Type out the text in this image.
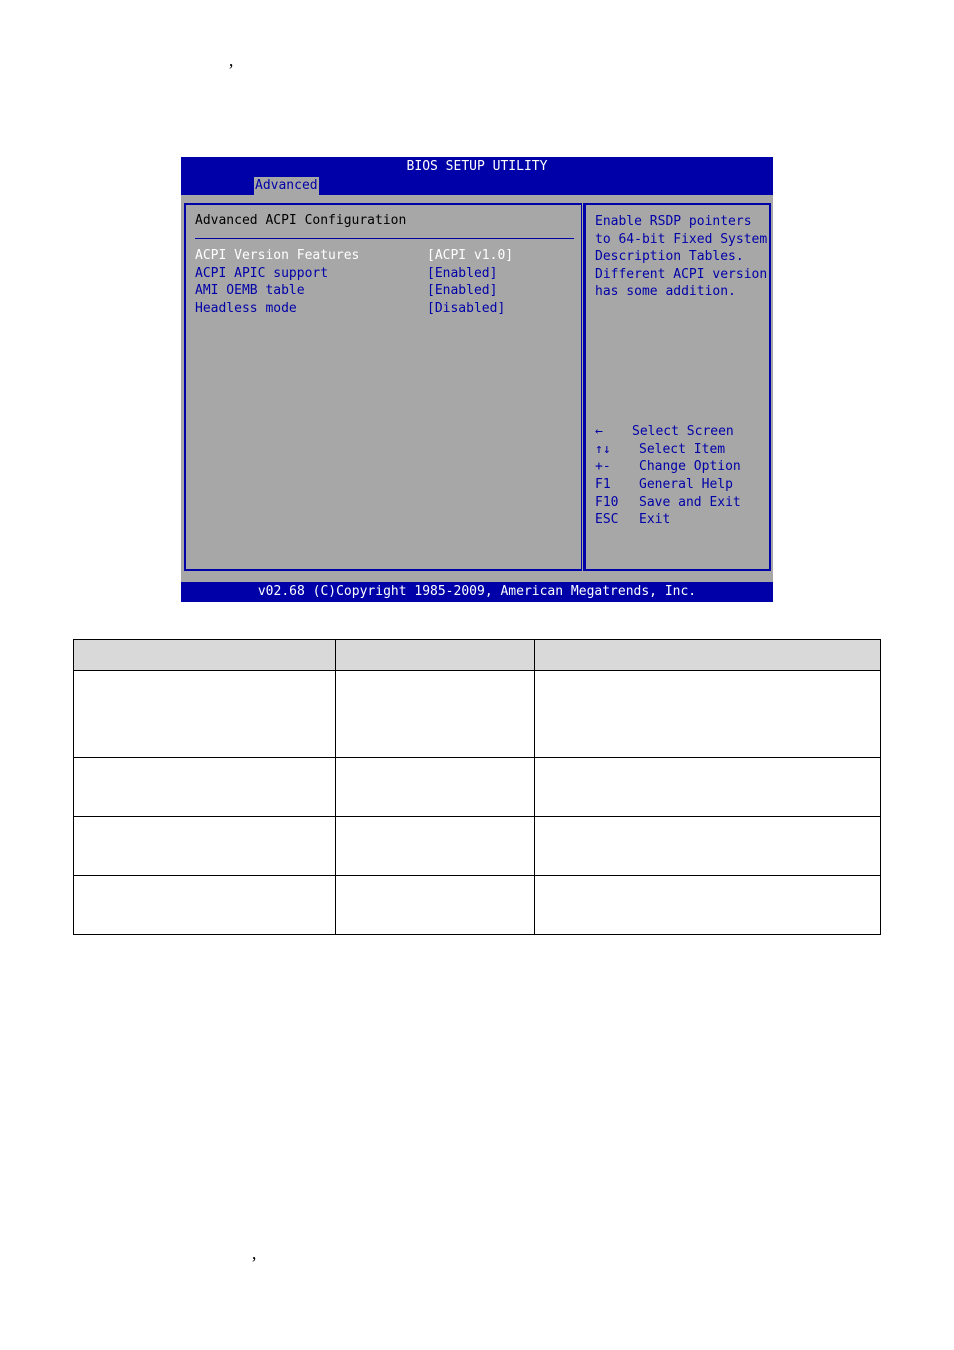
’
BIOS SETUP UTILITY
Advanced
Advanced ACPI Configuration
ACPI Version Features	[ACPI v1.0]
ACPI APIC support	[Enabled]
AMI OEMB table	[Enabled]
Headless mode	[Disabled]
Enable RSDP pointers
to 64-bit Fixed System
Description Tables.
Different ACPI version
has some addition.
← Select Screen
↑↓ Select Item
+- Change Option
F1 General Help
F10 Save and Exit
ESC Exit
v02.68 (C)Copyright 1985-2009, American Megatrends, Inc.
’
